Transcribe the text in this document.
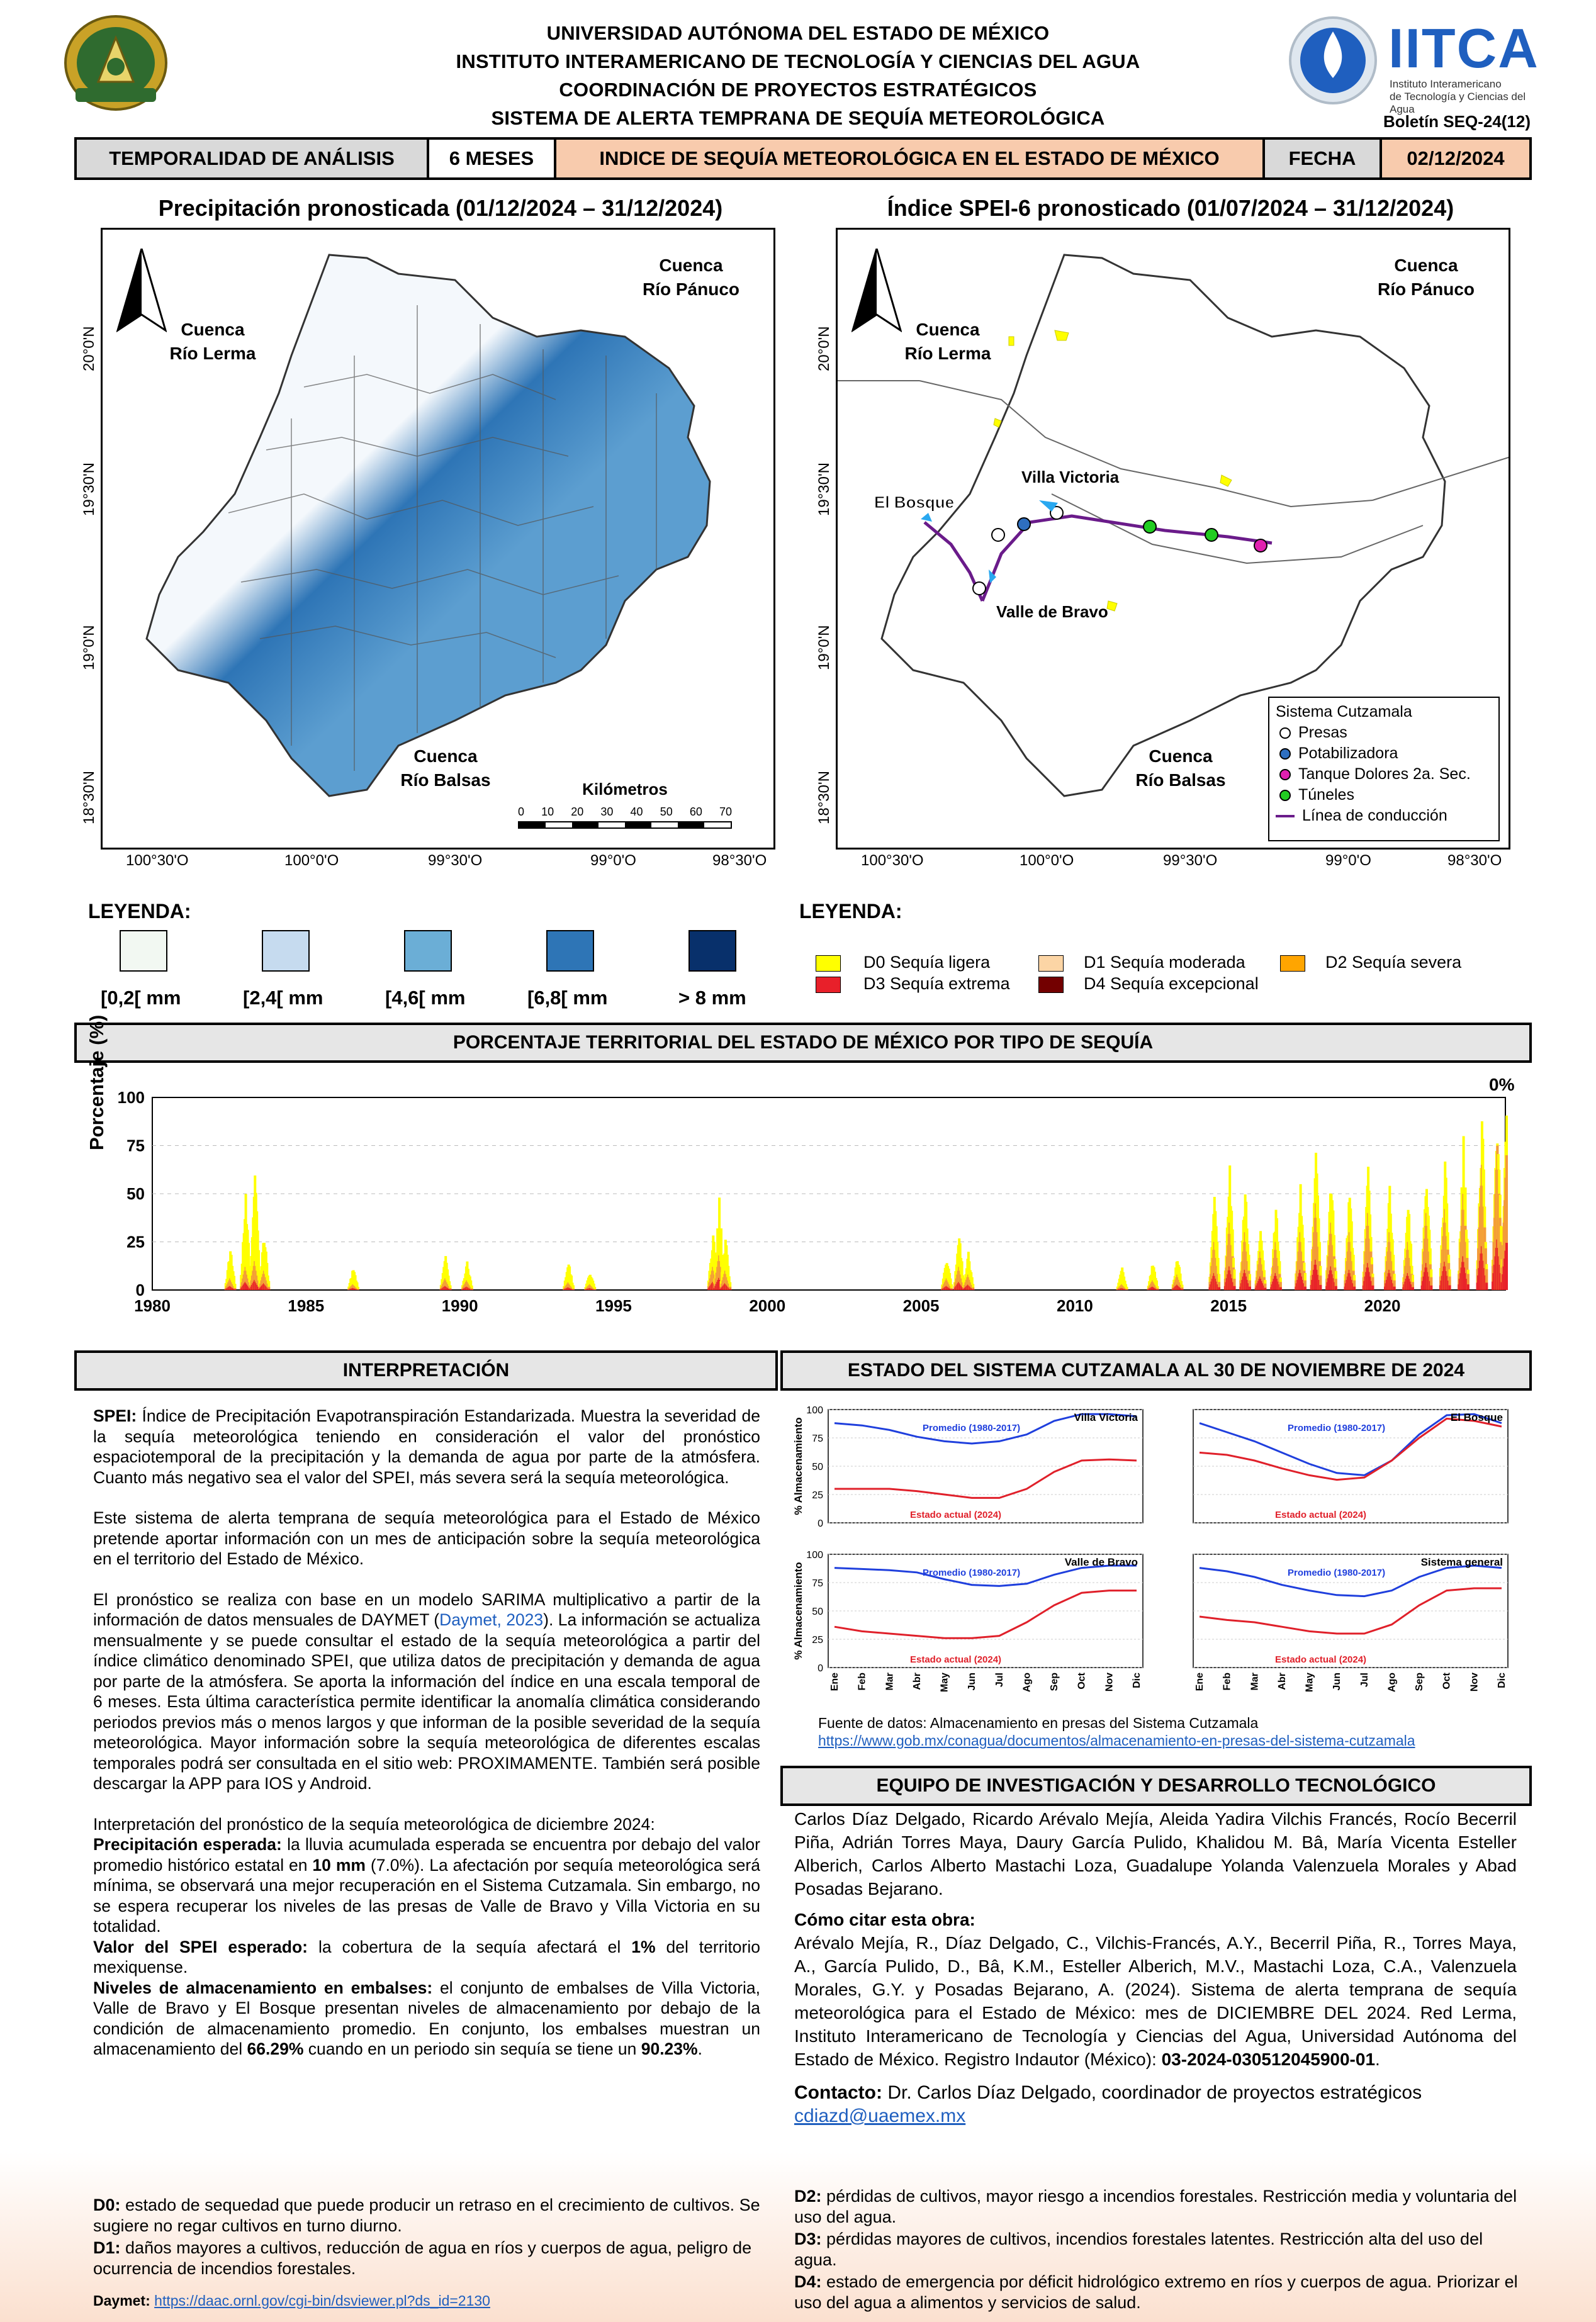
UNIVERSIDAD AUTÓNOMA DEL ESTADO DE MÉXICO
INSTITUTO INTERAMERICANO DE TECNOLOGÍA Y CIENCIAS DEL AGUA
COORDINACIÓN DE PROYECTOS ESTRATÉGICOS
SISTEMA DE ALERTA TEMPRANA DE SEQUÍA METEOROLÓGICA
IITCA
Instituto Interamericano
de Tecnología y Ciencias del Agua
Boletín SEQ-24(12)
TEMPORALIDAD DE ANÁLISIS	6 MESES	INDICE DE SEQUÍA METEOROLÓGICA EN EL ESTADO DE MÉXICO	FECHA	02/12/2024
Precipitación pronosticada (01/12/2024 – 31/12/2024)
Cuenca
Río Lerma
Cuenca
Río Pánuco
Cuenca
Río Balsas	Kilómetros
0 10 20 30 40 50 60 70
20°0'N
19°30'N
19°0'N
18°30'N
100°30'O	100°0'O	99°30'O	99°0'O	98°30'O
Índice SPEI-6 pronosticado (01/07/2024 – 31/12/2024)
Cuenca
Río Lerma
Cuenca
Río Pánuco
Cuenca
Río Balsas
El Bosque
Villa Victoria
Valle de Bravo
Sistema Cutzamala
Presas
Potabilizadora
Tanque Dolores 2a. Sec.
Túneles
Línea de conducción
20°0'N
19°30'N
19°0'N
18°30'N
100°30'O	100°0'O	99°30'O	99°0'O	98°30'O
LEYENDA:
[0,2[ mm	[2,4[ mm	[4,6[ mm	[6,8[ mm	> 8 mm
LEYENDA:
D0 Sequía ligera
D3 Sequía extrema
D1 Sequía moderada
D4 Sequía excepcional
D2 Sequía severa
PORCENTAJE TERRITORIAL DEL ESTADO DE MÉXICO POR TIPO DE SEQUÍA
0%
Porcentaje (%)
0
25
50
75
100
1980	1985	1990	1995	2000	2005	2010	2015	2020
INTERPRETACIÓN

SPEI: Índice de Precipitación Evapotranspiración Estandarizada. Muestra la severidad de la sequía meteorológica teniendo en consideración el valor del pronóstico espaciotemporal de la precipitación y la demanda de agua por parte de la atmósfera. Cuanto más negativo sea el valor del SPEI, más severa será la sequía meteorológica.

Este sistema de alerta temprana de sequía meteorológica para el Estado de México pretende aportar información con un mes de anticipación sobre la sequía meteorológica en el territorio del Estado de México.

El pronóstico se realiza con base en un modelo SARIMA multiplicativo a partir de la información de datos mensuales de DAYMET (Daymet, 2023). La información se actualiza mensualmente y se puede consultar el estado de la sequía meteorológica a partir del índice climático denominado SPEI, que utiliza datos de precipitación y demanda de agua por parte de la atmósfera. Se aporta la información del índice en una escala temporal de 6 meses. Esta última característica permite identificar la anomalía climática considerando periodos previos más o menos largos y que informan de la posible severidad de la sequía meteorológica. Mayor información sobre la sequía meteorológica de diferentes escalas temporales podrá ser consultada en el sitio web: PROXIMAMENTE. También será posible descargar la APP para IOS y Android.

Interpretación del pronóstico de la sequía meteorológica de diciembre 2024:
Precipitación esperada: la lluvia acumulada esperada se encuentra por debajo del valor promedio histórico estatal en 10 mm (7.0%). La afectación por sequía meteorológica será mínima, se observará una mejor recuperación en el Sistema Cutzamala. Sin embargo, no se espera recuperar los niveles de las presas de Valle de Bravo y Villa Victoria en su totalidad.
Valor del SPEI esperado: la cobertura de la sequía afectará el 1% del territorio mexiquense.
Niveles de almacenamiento en embalses: el conjunto de embalses de Villa Victoria, Valle de Bravo y El Bosque presentan niveles de almacenamiento por debajo de la condición de almacenamiento promedio. En conjunto, los embalses muestran un almacenamiento del 66.29% cuando en un periodo sin sequía se tiene un 90.23%.
ESTADO DEL SISTEMA CUTZAMALA AL 30 DE NOVIEMBRE DE 2024
0
25
50
75
100
Villa Victoria
Promedio (1980-2017)
Estado actual (2024)
% Almacenamiento	El Bosque
Promedio (1980-2017)
Estado actual (2024)
0
25
50
75
100
Valle de Bravo
Promedio (1980-2017)
Estado actual (2024)
Ene Feb Mar Abr May Jun Jul Ago Sep Oct Nov Dic
% Almacenamiento	Sistema general
Promedio (1980-2017)
Estado actual (2024)
Ene Feb Mar Abr May Jun Jul Ago Sep Oct Nov Dic
Fuente de datos: Almacenamiento en presas del Sistema Cutzamala
https://www.gob.mx/conagua/documentos/almacenamiento-en-presas-del-sistema-cutzamala
EQUIPO DE INVESTIGACIÓN Y DESARROLLO TECNOLÓGICO
Carlos Díaz Delgado, Ricardo Arévalo Mejía, Aleida Yadira Vilchis Francés, Rocío Becerril Piña, Adrián Torres Maya, Daury García Pulido, Khalidou M. Bâ, María Vicenta Esteller Alberich, Carlos Alberto Mastachi Loza, Guadalupe Yolanda Valenzuela Morales y Abad Posadas Bejarano.
Cómo citar esta obra:
Arévalo Mejía, R., Díaz Delgado, C., Vilchis-Francés, A.Y., Becerril Piña, R., Torres Maya, A., García Pulido, D., Bâ, K.M., Esteller Alberich, M.V., Mastachi Loza, C.A., Valenzuela Morales, G.Y. y Posadas Bejarano, A. (2024). Sistema de alerta temprana de sequía meteorológica para el Estado de México: mes de DICIEMBRE DEL 2024. Red Lerma, Instituto Interamericano de Tecnología y Ciencias del Agua, Universidad Autónoma del Estado de México. Registro Indautor (México): 03-2024-030512045900-01.
Contacto: Dr. Carlos Díaz Delgado, coordinador de proyectos estratégicos
cdiazd@uaemex.mx
D0: estado de sequedad que puede producir un retraso en el crecimiento de cultivos. Se sugiere no regar cultivos en turno diurno.
D1: daños mayores a cultivos, reducción de agua en ríos y cuerpos de agua, peligro de ocurrencia de incendios forestales.
Daymet: https://daac.ornl.gov/cgi-bin/dsviewer.pl?ds_id=2130
D2: pérdidas de cultivos, mayor riesgo a incendios forestales. Restricción media y voluntaria del uso del agua.
D3: pérdidas mayores de cultivos, incendios forestales latentes. Restricción alta del uso del agua.
D4: estado de emergencia por déficit hidrológico extremo en ríos y cuerpos de agua. Priorizar el uso del agua a alimentos y servicios de salud.
